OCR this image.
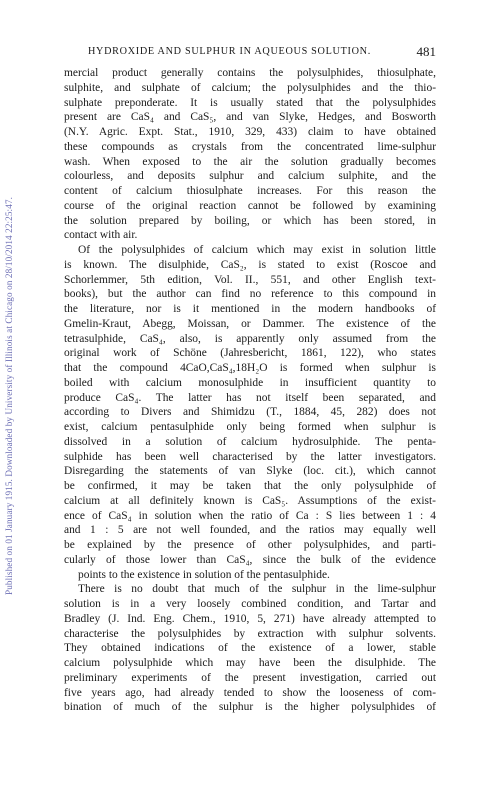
Published on 01 January 1915. Downloaded by University of Illinois at Chicago on 28/10/2014 22:25:47.
HYDROXIDE AND SULPHUR IN AQUEOUS SOLUTION.	481
mercial product generally contains the polysulphides, thiosulphate,
sulphite, and sulphate of calcium; the polysulphides and the thio-
sulphate preponderate. It is usually stated that the polysulphides
present are CaS₄ and CaS₅, and van Slyke, Hedges, and Bosworth
(N.Y. Agric. Expt. Stat., 1910, 329, 433) claim to have obtained
these compounds as crystals from the concentrated lime-sulphur
wash. When exposed to the air the solution gradually becomes
colourless, and deposits sulphur and calcium sulphite, and the
content of calcium thiosulphate increases. For this reason the
course of the original reaction cannot be followed by examining
the solution prepared by boiling, or which has been stored, in
contact with air.
Of the polysulphides of calcium which may exist in solution little
is known. The disulphide, CaS₂, is stated to exist (Roscoe and
Schorlemmer, 5th edition, Vol. II., 551, and other English text-
books), but the author can find no reference to this compound in
the literature, nor is it mentioned in the modern handbooks of
Gmelin-Kraut, Abegg, Moissan, or Dammer. The existence of the
tetrasulphide, CaS₄, also, is apparently only assumed from the
original work of Schöne (Jahresbericht, 1861, 122), who states
that the compound 4CaO,CaS₄,18H₂O is formed when sulphur is
boiled with calcium monosulphide in insufficient quantity to
produce CaS₄. The latter has not itself been separated, and
according to Divers and Shimidzu (T., 1884, 45, 282) does not
exist, calcium pentasulphide only being formed when sulphur is
dissolved in a solution of calcium hydrosulphide. The penta-
sulphide has been well characterised by the latter investigators.
Disregarding the statements of van Slyke (loc. cit.), which cannot
be confirmed, it may be taken that the only polysulphide of
calcium at all definitely known is CaS₅. Assumptions of the exist-
ence of CaS₄ in solution when the ratio of Ca : S lies between 1 : 4
and 1 : 5 are not well founded, and the ratios may equally well
be explained by the presence of other polysulphides, and parti-
cularly of those lower than CaS₄, since the bulk of the evidence
points to the existence in solution of the pentasulphide.
There is no doubt that much of the sulphur in the lime-sulphur
solution is in a very loosely combined condition, and Tartar and
Bradley (J. Ind. Eng. Chem., 1910, 5, 271) have already attempted to
characterise the polysulphides by extraction with sulphur solvents.
They obtained indications of the existence of a lower, stable
calcium polysulphide which may have been the disulphide. The
preliminary experiments of the present investigation, carried out
five years ago, had already tended to show the looseness of com-
bination of much of the sulphur is the higher polysulphides of
